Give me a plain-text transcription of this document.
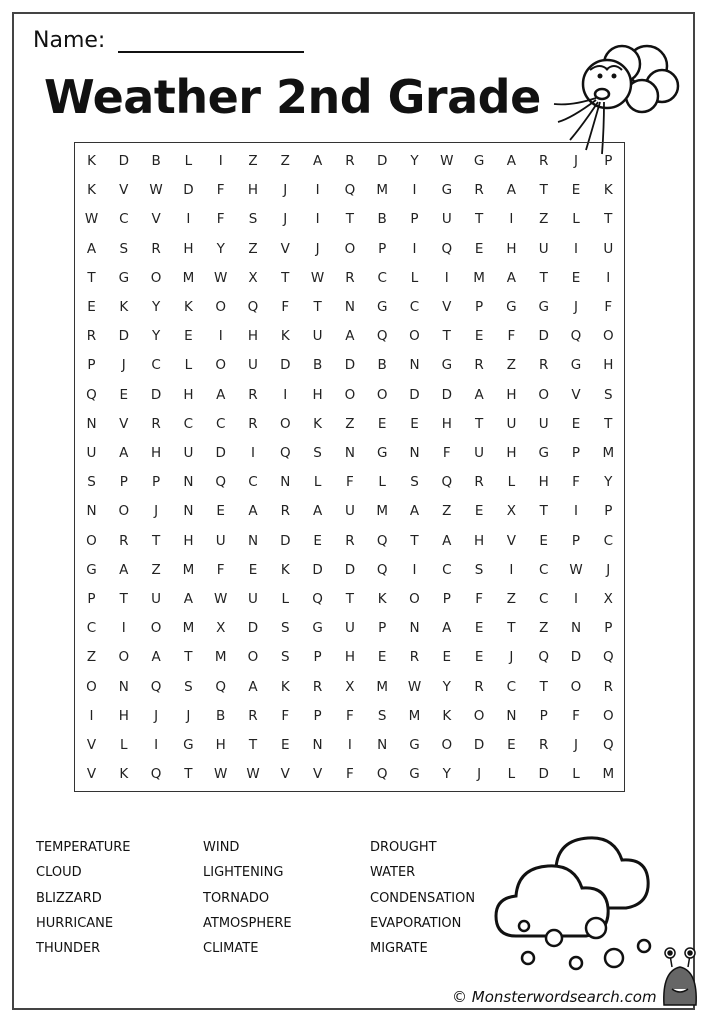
Name:
Weather 2nd Grade
K	D	B	L	I	Z	Z	A	R	D	Y	W	G	A	R	J	P
K	V	W	D	F	H	J	I	Q	M	I	G	R	A	T	E	K
W	C	V	I	F	S	J	I	T	B	P	U	T	I	Z	L	T
A	S	R	H	Y	Z	V	J	O	P	I	Q	E	H	U	I	U
T	G	O	M	W	X	T	W	R	C	L	I	M	A	T	E	I
E	K	Y	K	O	Q	F	T	N	G	C	V	P	G	G	J	F
R	D	Y	E	I	H	K	U	A	Q	O	T	E	F	D	Q	O
P	J	C	L	O	U	D	B	D	B	N	G	R	Z	R	G	H
Q	E	D	H	A	R	I	H	O	O	D	D	A	H	O	V	S
N	V	R	C	C	R	O	K	Z	E	E	H	T	U	U	E	T
U	A	H	U	D	I	Q	S	N	G	N	F	U	H	G	P	M
S	P	P	N	Q	C	N	L	F	L	S	Q	R	L	H	F	Y
N	O	J	N	E	A	R	A	U	M	A	Z	E	X	T	I	P
O	R	T	H	U	N	D	E	R	Q	T	A	H	V	E	P	C
G	A	Z	M	F	E	K	D	D	Q	I	C	S	I	C	W	J
P	T	U	A	W	U	L	Q	T	K	O	P	F	Z	C	I	X
C	I	O	M	X	D	S	G	U	P	N	A	E	T	Z	N	P
Z	O	A	T	M	O	S	P	H	E	R	E	E	J	Q	D	Q
O	N	Q	S	Q	A	K	R	X	M	W	Y	R	C	T	O	R
I	H	J	J	B	R	F	P	F	S	M	K	O	N	P	F	O
V	L	I	G	H	T	E	N	I	N	G	O	D	E	R	J	Q
V	K	Q	T	W	W	V	V	F	Q	G	Y	J	L	D	L	M
TEMPERATURE
CLOUD
BLIZZARD
HURRICANE
THUNDER
WIND
LIGHTENING
TORNADO
ATMOSPHERE
CLIMATE
DROUGHT
WATER
CONDENSATION
EVAPORATION
MIGRATE
© Monsterwordsearch.com
